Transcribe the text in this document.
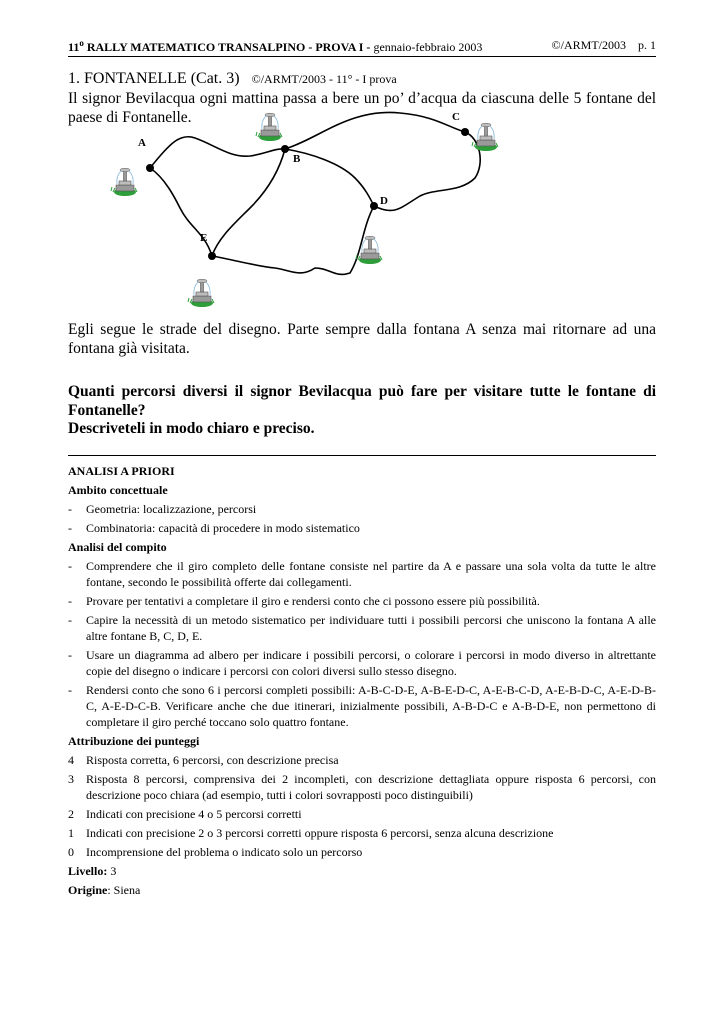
11$^o$ RALLY MATEMATICO TRANSALPINO - PROVA I - gennaio-febbraio 2003	©/ARMT/2003 p. 1
1. FONTANELLE (Cat. 3) ©/ARMT/2003 - 11° - I prova
Il signor Bevilacqua ogni mattina passa a bere un po’ d’acqua da ciascuna delle 5 fontane del paese di Fontanelle.
A
B
C
D
E
Egli segue le strade del disegno. Parte sempre dalla fontana A senza mai ritornare ad una fontana già visitata.
Quanti percorsi diversi il signor Bevilacqua può fare per visitare tutte le fontane di Fontanelle?
Descriveteli in modo chiaro e preciso.
ANALISI A PRIORI
Ambito concettuale
-	Geometria: localizzazione, percorsi
-	Combinatoria: capacità di procedere in modo sistematico
Analisi del compito
-	Comprendere che il giro completo delle fontane consiste nel partire da A e passare una sola volta da tutte le altre fontane, secondo le possibilità offerte dai collegamenti.
-	Provare per tentativi a completare il giro e rendersi conto che ci possono essere più possibilità.
-	Capire la necessità di un metodo sistematico per individuare tutti i possibili percorsi che uniscono la fontana A alle altre fontane B, C, D, E.
-	Usare un diagramma ad albero per indicare i possibili percorsi, o colorare i percorsi in modo diverso in altrettante copie del disegno o indicare i percorsi con colori diversi sullo stesso disegno.
-	Rendersi conto che sono 6 i percorsi completi possibili: A-B-C-D-E, A-B-E-D-C, A-E-B-C-D, A-E-B-D-C, A-E-D-B-C, A-E-D-C-B. Verificare anche che due itinerari, inizialmente possibili, A-B-D-C e A-B-D-E, non permettono di completare il giro perché toccano solo quattro fontane.
Attribuzione dei punteggi
4	Risposta corretta, 6 percorsi, con descrizione precisa
3	Risposta 8 percorsi, comprensiva dei 2 incompleti, con descrizione dettagliata oppure risposta 6 percorsi, con descrizione poco chiara (ad esempio, tutti i colori sovrapposti poco distinguibili)
2	Indicati con precisione 4 o 5 percorsi corretti
1	Indicati con precisione 2 o 3 percorsi corretti oppure risposta 6 percorsi, senza alcuna descrizione
0	Incomprensione del problema o indicato solo un percorso
Livello: 3
Origine: Siena
